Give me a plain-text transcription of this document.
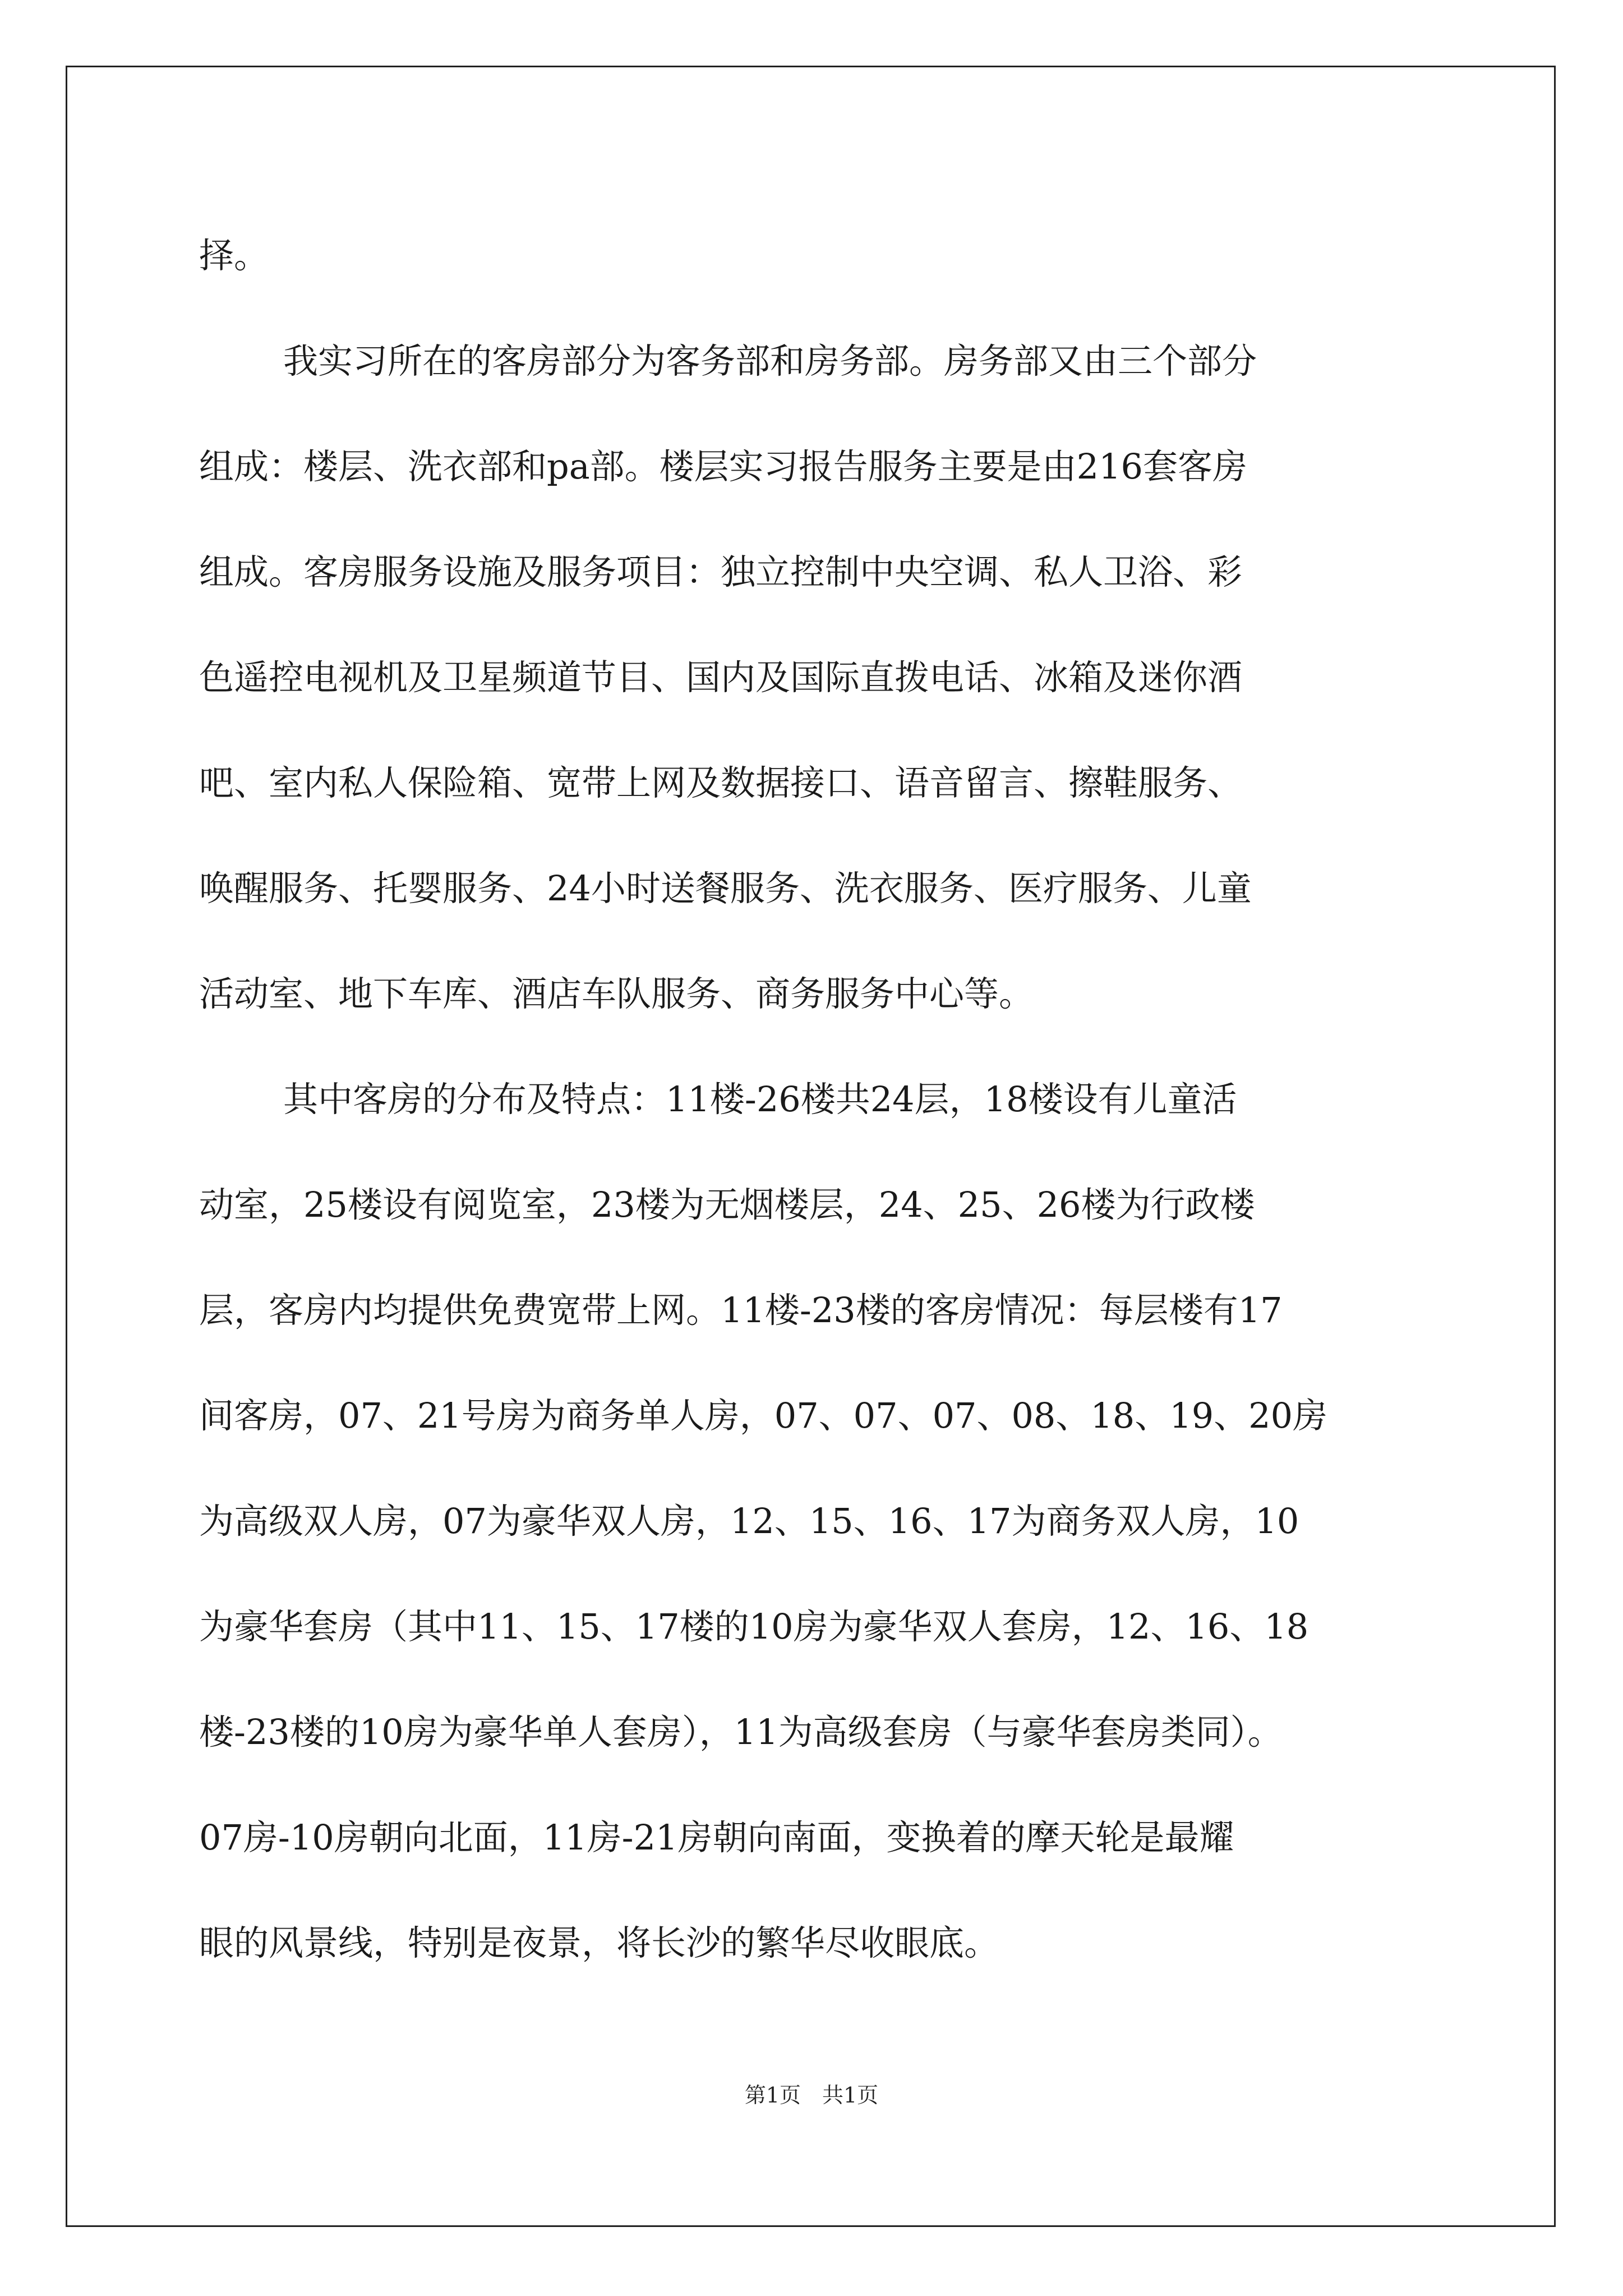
择。
我实习所在的客房部分为客务部和房务部。房务部又由三个部分
组成：楼层、洗衣部和pa部。楼层实习报告服务主要是由216套客房
组成。客房服务设施及服务项目：独立控制中央空调、私人卫浴、彩
色遥控电视机及卫星频道节目、国内及国际直拨电话、冰箱及迷你酒
吧、室内私人保险箱、宽带上网及数据接口、语音留言、擦鞋服务、
唤醒服务、托婴服务、24小时送餐服务、洗衣服务、医疗服务、儿童
活动室、地下车库、酒店车队服务、商务服务中心等。
其中客房的分布及特点：11楼-26楼共24层，18楼设有儿童活
动室，25楼设有阅览室，23楼为无烟楼层，24、25、26楼为行政楼
层，客房内均提供免费宽带上网。11楼-23楼的客房情况：每层楼有17
间客房，07、21号房为商务单人房，07、07、07、08、18、19、20房
为高级双人房，07为豪华双人房，12、15、16、17为商务双人房，10
为豪华套房（其中11、15、17楼的10房为豪华双人套房，12、16、18
楼-23楼的10房为豪华单人套房），11为高级套房（与豪华套房类同）。
07房-10房朝向北面，11房-21房朝向南面，变换着的摩天轮是最耀
眼的风景线，特别是夜景，将长沙的繁华尽收眼底。
第1页　共1页
